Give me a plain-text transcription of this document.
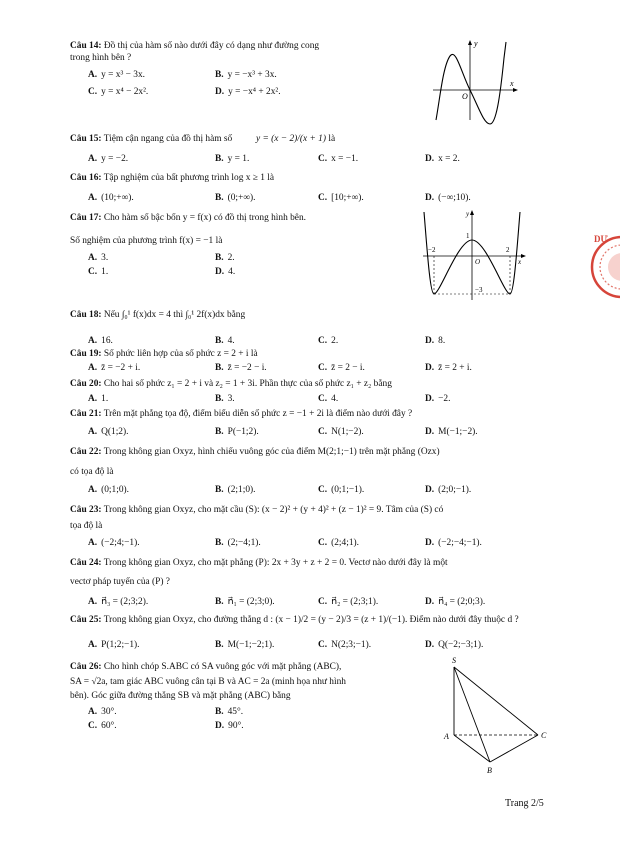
Câu 14: Đồ thị của hàm số nào dưới đây có dạng như đường cong
trong hình bên ?
A. y = x³ − 3x.	B. y = −x³ + 3x.
C. y = x⁴ − 2x².	D. y = −x⁴ + 2x².
y
x
O
Câu 15: Tiệm cận ngang của đồ thị hàm số	y = (x − 2)/(x + 1) là
A. y = −2.	B. y = 1.	C. x = −1.	D. x = 2.
Câu 16: Tập nghiệm của bất phương trình log x ≥ 1 là
A. (10;+∞).	B. (0;+∞).	C. [10;+∞).	D. (−∞;10).
Câu 17: Cho hàm số bậc bốn y = f(x) có đồ thị trong hình bên.
Số nghiệm của phương trình f(x) = −1 là
A. 3.	B. 2.
C. 1.	D. 4.
y
x
O
−2	2
1
−3
Câu 18: Nếu ∫₀¹ f(x)dx = 4 thì ∫₀¹ 2f(x)dx bằng
A. 16.	B. 4.	C. 2.	D. 8.
Câu 19: Số phức liên hợp của số phức z = 2 + i là
A. z̄ = −2 + i.	B. z̄ = −2 − i.	C. z̄ = 2 − i.	D. z̄ = 2 + i.
Câu 20: Cho hai số phức z₁ = 2 + i và z₂ = 1 + 3i. Phần thực của số phức z₁ + z₂ bằng
A. 1.	B. 3.	C. 4.	D. −2.
Câu 21: Trên mặt phẳng tọa độ, điểm biểu diễn số phức z = −1 + 2i là điểm nào dưới đây ?
A. Q(1;2).	B. P(−1;2).	C. N(1;−2).	D. M(−1;−2).
Câu 22: Trong không gian Oxyz, hình chiếu vuông góc của điểm M(2;1;−1) trên mặt phẳng (Ozx)
có tọa độ là
A. (0;1;0).	B. (2;1;0).	C. (0;1;−1).	D. (2;0;−1).
Câu 23: Trong không gian Oxyz, cho mặt cầu (S): (x − 2)² + (y + 4)² + (z − 1)² = 9. Tâm của (S) có
tọa độ là
A. (−2;4;−1).	B. (2;−4;1).	C. (2;4;1).	D. (−2;−4;−1).
Câu 24: Trong không gian Oxyz, cho mặt phẳng (P): 2x + 3y + z + 2 = 0. Vectơ nào dưới đây là một
vectơ pháp tuyến của (P) ?
A. n⃗₃ = (2;3;2).	B. n⃗₁ = (2;3;0).	C. n⃗₂ = (2;3;1).	D. n⃗₄ = (2;0;3).
Câu 25: Trong không gian Oxyz, cho đường thẳng d : (x − 1)/2 = (y − 2)/3 = (z + 1)/(−1). Điểm nào dưới đây thuộc d ?
A. P(1;2;−1).	B. M(−1;−2;1).	C. N(2;3;−1).	D. Q(−2;−3;1).
Câu 26: Cho hình chóp S.ABC có SA vuông góc với mặt phẳng (ABC),
SA = √2a, tam giác ABC vuông cân tại B và AC = 2a (minh họa như hình
bên). Góc giữa đường thẳng SB và mặt phẳng (ABC) bằng
A. 30°.	B. 45°.
C. 60°.	D. 90°.
S
A
B
C
DỰ
Trang 2/5
